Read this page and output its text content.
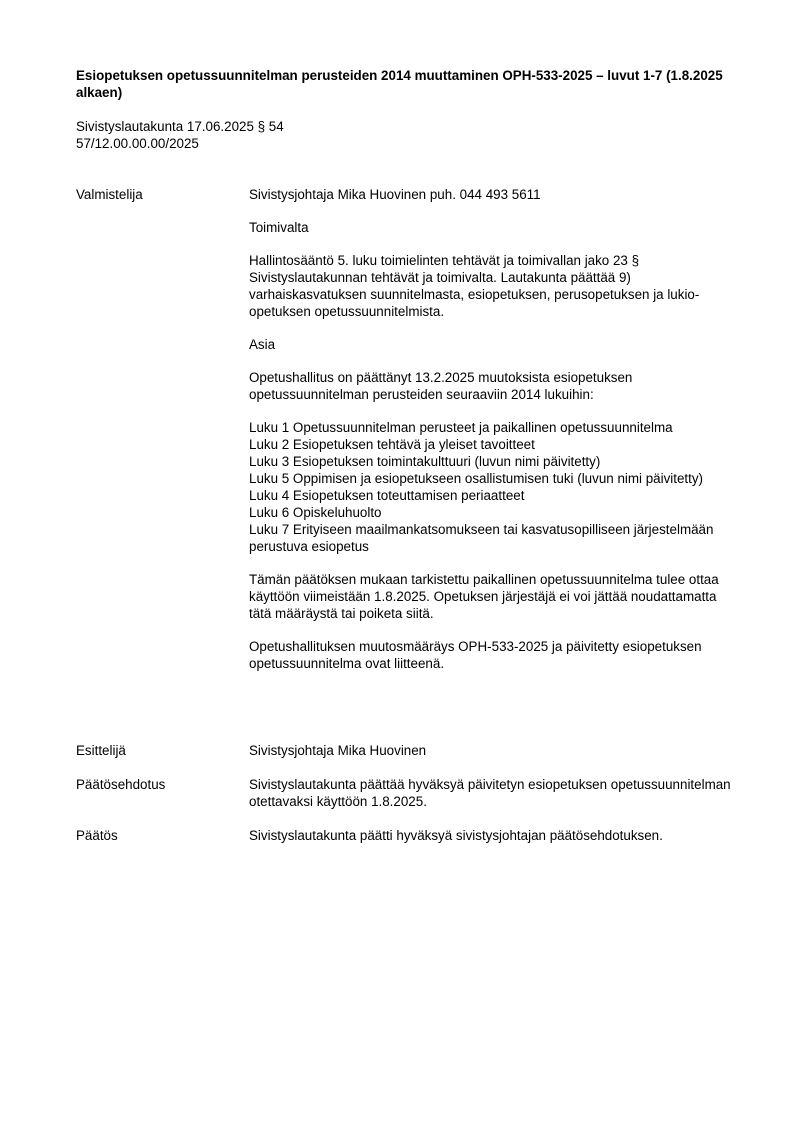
Esiopetuksen opetussuunnitelman perusteiden 2014 muuttaminen OPH-533-2025 – luvut 1-7 (1.8.2025 alkaen)
Sivistyslautakunta 17.06.2025 § 54
57/12.00.00.00/2025
Valmistelija	Sivistysjohtaja Mika Huovinen puh. 044 493 5611

Toimivalta

Hallintosääntö 5. luku toimielinten tehtävät ja toimivallan jako 23 § Sivistyslautakunnan tehtävät ja toimivalta. Lautakunta päättää 9) varhaiskasvatuksen suunnitelmasta, esiopetuksen, perusopetuksen ja lukio- opetuksen opetussuunnitelmista.

Asia

Opetushallitus on päättänyt 13.2.2025 muutoksista esiopetuksen opetussuunnitelman perusteiden seuraaviin 2014 lukuihin:

Luku 1 Opetussuunnitelman perusteet ja paikallinen opetussuunnitelma
Luku 2 Esiopetuksen tehtävä ja yleiset tavoitteet
Luku 3 Esiopetuksen toimintakulttuuri (luvun nimi päivitetty)
Luku 5 Oppimisen ja esiopetukseen osallistumisen tuki (luvun nimi päivitetty)
Luku 4 Esiopetuksen toteuttamisen periaatteet
Luku 6 Opiskeluhuolto
Luku 7 Erityiseen maailmankatsomukseen tai kasvatusopilliseen järjestelmään perustuva esiopetus

Tämän päätöksen mukaan tarkistettu paikallinen opetussuunnitelma tulee ottaa käyttöön viimeistään 1.8.2025. Opetuksen järjestäjä ei voi jättää noudattamatta tätä määräystä tai poiketa siitä.

Opetushallituksen muutosmääräys OPH-533-2025 ja päivitetty esiopetuksen opetussuunnitelma ovat liitteenä.

Esittelijä	Sivistysjohtaja Mika Huovinen
Päätösehdotus	Sivistyslautakunta päättää hyväksyä päivitetyn esiopetuksen opetussuunnitelman otettavaksi käyttöön 1.8.2025.
Päätös	Sivistyslautakunta päätti hyväksyä sivistysjohtajan päätösehdotuksen.
